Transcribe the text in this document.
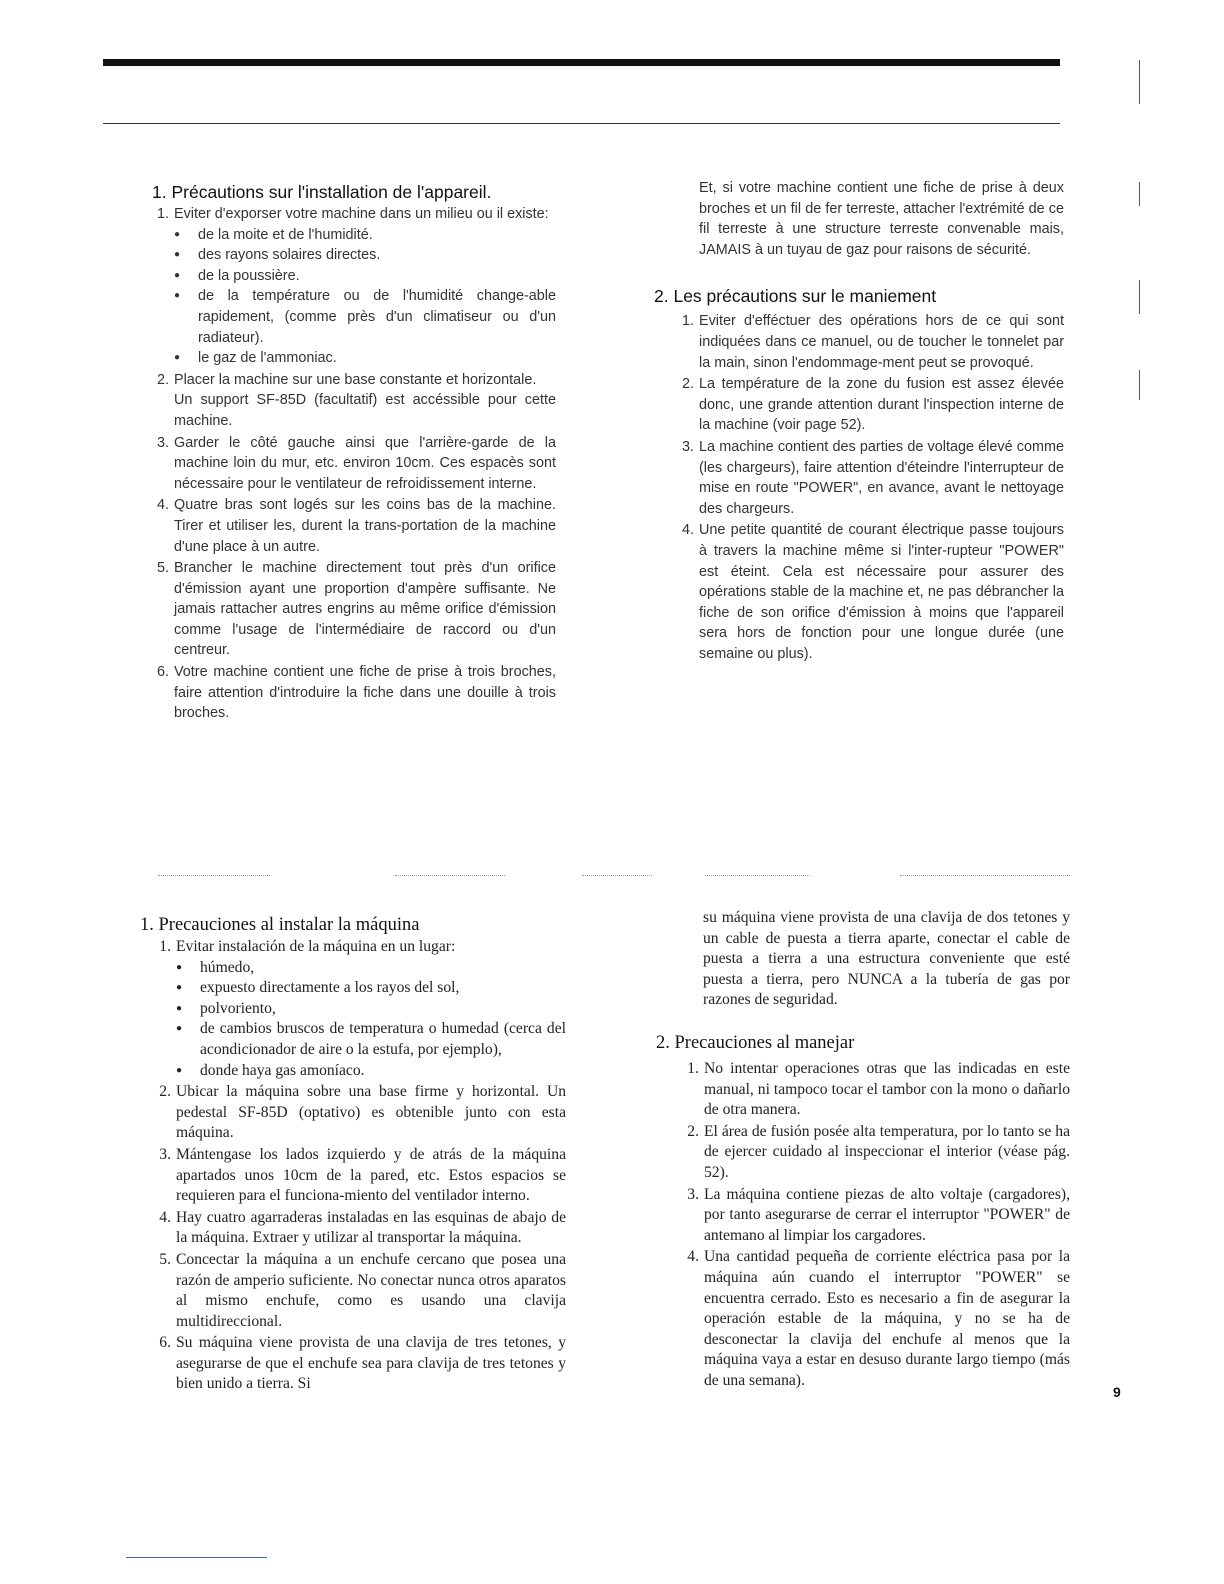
1. Précautions sur l'installation de l'appareil.
1. Eviter d'exporser votre machine dans un milieu ou il existe:
●	de la moite et de l'humidité.
●	des rayons solaires directes.
●	de la poussière.
●	de la température ou de l'humidité change-able rapidement, (comme près d'un climatiseur ou d'un radiateur).
●	le gaz de l'ammoniac.
2. Placer la machine sur une base constante et horizontale.
Un support SF-85D (facultatif) est accéssible pour cette machine.
3. Garder le côté gauche ainsi que l'arrière-garde de la machine loin du mur, etc. environ 10cm. Ces espacès sont nécessaire pour le ventilateur de refroidissement interne.
4. Quatre bras sont logés sur les coins bas de la machine. Tirer et utiliser les, durent la trans-portation de la machine d'une place à un autre.
5. Brancher le machine directement tout près d'un orifice d'émission ayant une proportion d'ampère suffisante. Ne jamais rattacher autres engrins au même orifice d'émission comme l'usage de l'intermédiaire de raccord ou d'un centreur.
6. Votre machine contient une fiche de prise à trois broches, faire attention d'introduire la fiche dans une douille à trois broches.

Et, si votre machine contient une fiche de prise à deux broches et un fil de fer terreste, attacher l'extrémité de ce fil terreste à une structure terreste convenable mais, JAMAIS à un tuyau de gaz pour raisons de sécurité.

2. Les précautions sur le maniement
1. Eviter d'efféctuer des opérations hors de ce qui sont indiquées dans ce manuel, ou de toucher le tonnelet par la main, sinon l'endommage-ment peut se provoqué.
2. La température de la zone du fusion est assez élevée donc, une grande attention durant l'inspection interne de la machine (voir page 52).
3. La machine contient des parties de voltage élevé comme (les chargeurs), faire attention d'éteindre l'interrupteur de mise en route "POWER", en avance, avant le nettoyage des chargeurs.
4. Une petite quantité de courant électrique passe toujours à travers la machine même si l'inter-rupteur "POWER" est éteint. Cela est nécessaire pour assurer des opérations stable de la machine et, ne pas débrancher la fiche de son orifice d'émission à moins que l'appareil sera hors de fonction pour une longue durée (une semaine ou plus).
1. Precauciones al instalar la máquina
1. Evitar instalación de la máquina en un lugar:
●	húmedo,
●	expuesto directamente a los rayos del sol,
●	polvoriento,
●	de cambios bruscos de temperatura o humedad (cerca del acondicionador de aire o la estufa, por ejemplo),
●	donde haya gas amoníaco.
2. Ubicar la máquina sobre una base firme y horizontal. Un pedestal SF-85D (optativo) es obtenible junto con esta máquina.
3. Mántengase los lados izquierdo y de atrás de la máquina apartados unos 10cm de la pared, etc. Estos espacios se requieren para el funciona-miento del ventilador interno.
4. Hay cuatro agarraderas instaladas en las esquinas de abajo de la máquina. Extraer y utilizar al transportar la máquina.
5. Concectar la máquina a un enchufe cercano que posea una razón de amperio suficiente. No conectar nunca otros aparatos al mismo enchufe, como es usando una clavija multidireccional.
6. Su máquina viene provista de una clavija de tres tetones, y asegurarse de que el enchufe sea para clavija de tres tetones y bien unido a tierra. Si

su máquina viene provista de una clavija de dos tetones y un cable de puesta a tierra aparte, conectar el cable de puesta a tierra a una estructura conveniente que esté puesta a tierra, pero NUNCA a la tubería de gas por razones de seguridad.

2. Precauciones al manejar
1. No intentar operaciones otras que las indicadas en este manual, ni tampoco tocar el tambor con la mono o dañarlo de otra manera.
2. El área de fusión posée alta temperatura, por lo tanto se ha de ejercer cuidado al inspeccionar el interior (véase pág. 52).
3. La máquina contiene piezas de alto voltaje (cargadores), por tanto asegurarse de cerrar el interruptor "POWER" de antemano al limpiar los cargadores.
4. Una cantidad pequeña de corriente eléctrica pasa por la máquina aún cuando el interruptor "POWER" se encuentra cerrado. Esto es necesario a fin de asegurar la operación estable de la máquina, y no se ha de desconectar la clavija del enchufe al menos que la máquina vaya a estar en desuso durante largo tiempo (más de una semana).
9
